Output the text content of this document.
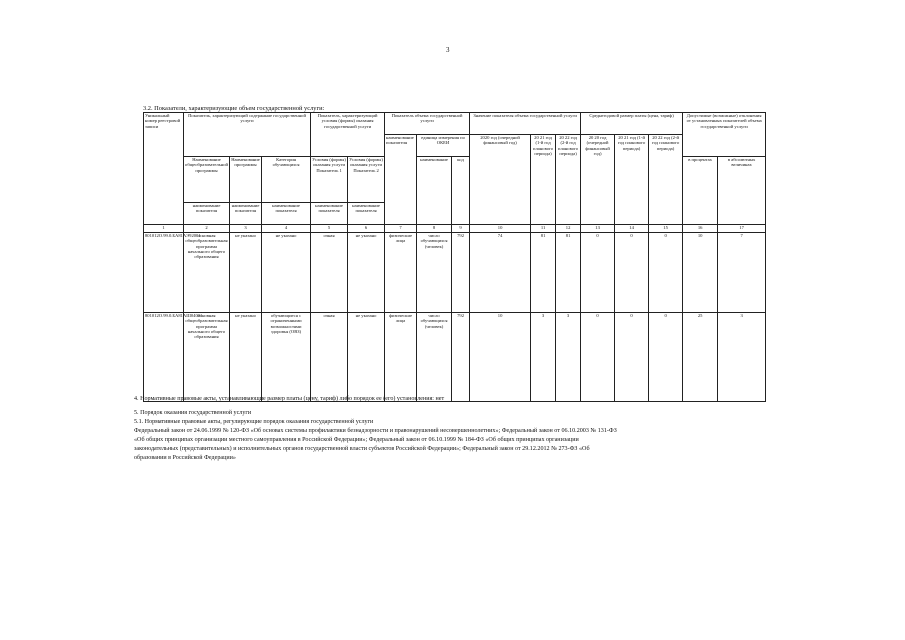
3
3.2. Показатели, характеризующие объем государственной услуги:
Уникальный номер реестровой записи	Показатель, характеризующий содержание государственной услуги			Показатель, характеризующий условия (формы) оказания государственной услуги		Показатель объема государственной услуги			Значение показателя объема государственной услуги			Среднегодовой размер платы (цена, тариф)			Допустимые (возможные) отклонения от установленных показателей объема государственной услуги	
						наименование показателя	единица измерения по ОКЕИ		2020 год (очередной финансовый год)	20 21 год (1-й год планового периода)	20 22 год (2-й год планового периода)	20 20 год (очередной финансовый год)	20 21 год (1-й год планового периода)	20 22 год (2-й год планового периода)		
	Наименование общеобразовательной программы	Наименование программы	Категория обучающихся	Условия (формы) оказания услуги Показатель 1	Условия (формы) оказания услуги Показатель 2		наименование	код							в процентах	в абсолютных величинах
	наименование показателя	наименование показателя	наименование показателя	наименование показателя	наименование показателя											
1	2	3	4	5	6	7	8	9	10	11	12	13	14	15	16	17
801012О.99.0.БА81АЭ92001	основная общеобразовательная программа начального общего образования	не указано	не указано	очная	не указано	физические лица	число обучающихся (человек)	792	74	81	81	0	0	0	10	7
801012О.99.0.БА81АШ04001	основная общеобразовательная программа начального общего образования	не указано	обучающиеся с ограниченными возможностями здоровья (ОВЗ)	очная	не указано	физические лица	число обучающихся (человек)	792	10	3	3	0	0	0	25	3
4. Нормативные правовые акты, устанавливающие размер платы (цену, тариф) либо порядок ее (его) установления: нет
5. Порядок оказания государственной услуги
5.1. Нормативные правовые акты, регулирующие порядок оказания государственной услуги
Федеральный закон от 24.06.1999 № 120-ФЗ «Об основах системы профилактики безнадзорности и правонарушений несовершеннолетних»; Федеральный закон от 06.10.2003 № 131-ФЗ
«Об общих принципах организации местного самоуправления в Российской Федерации»; Федеральный закон от 06.10.1999 № 184-ФЗ «Об общих принципах организации
законодательных (представительных) и исполнительных органов государственной власти субъектов Российской Федерации»; Федеральный закон от 29.12.2012 № 273-ФЗ «Об
образовании в Российской Федерации»
